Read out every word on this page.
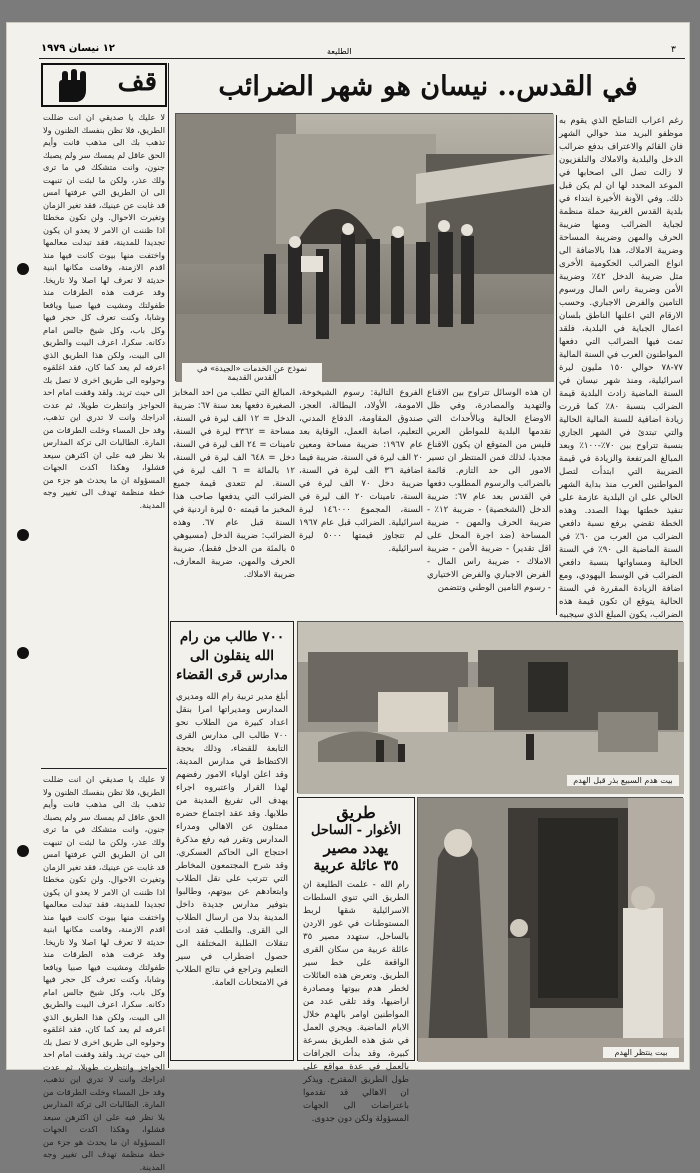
١٢ نيسان ١٩٧٩	الطليعة	٣
قف
لا عليك يا صديقي ان انت ضللت الطريق، فلا تظن بنفسك الظنون ولا تذهب بك الى مذهب فانت وأيم الحق عاقل لم يمسك سر ولم يصبك جنون، وانت متشكك في ما ترى ولك عذر، ولكن ما لبثت ان تنبهت الى ان الطريق التي عرفتها امس قد غابت عن عينيك، فقد تغير الزمان وتغيرت الاحوال. ولن تكون مخطئا اذا ظننت ان الامر لا يعدو ان يكون تجديدا للمدينة، فقد تبدلت معالمها واختفت منها بيوت كانت فيها منذ اقدم الازمنة، وقامت مكانها ابنية حديثة لا تعرف لها اصلا ولا تاريخا. وقد عرفت هذه الطرقات منذ طفولتك ومشيت فيها صبيا ويافعا وشابا، وكنت تعرف كل حجر فيها وكل باب، وكل شيخ جالس امام دكانه. سكرا، اعرف البيت والطريق الى البيت، ولكن هذا الطريق الذي اعرفه لم يعد كما كان، فقد اغلقوه وحولوه الى طريق اخرى لا تصل بك الى حيث تريد. ولقد وقفت امام احد الحواجز وانتظرت طويلا، ثم عدت ادراجك وانت لا تدري اين تذهب، وقد حل المساء وخلت الطرقات من المارة. الطالبات الى تركة المدارس بلا نظر فيه على ان اكثرهن سيعد فشلوا، وهكذا اكدت الجهات المسؤولة ان ما يحدث هو جزء من خطة منظمة تهدف الى تغيير وجه المدينة.
لا عليك يا صديقي ان انت ضللت الطريق، فلا تظن بنفسك الظنون ولا تذهب بك الى مذهب فانت وأيم الحق عاقل لم يمسك سر ولم يصبك جنون، وانت متشكك في ما ترى ولك عذر، ولكن ما لبثت ان تنبهت الى ان الطريق التي عرفتها امس قد غابت عن عينيك، فقد تغير الزمان وتغيرت الاحوال. ولن تكون مخطئا اذا ظننت ان الامر لا يعدو ان يكون تجديدا للمدينة، فقد تبدلت معالمها واختفت منها بيوت كانت فيها منذ اقدم الازمنة، وقامت مكانها ابنية حديثة لا تعرف لها اصلا ولا تاريخا. وقد عرفت هذه الطرقات منذ طفولتك ومشيت فيها صبيا ويافعا وشابا، وكنت تعرف كل حجر فيها وكل باب، وكل شيخ جالس امام دكانه. سكرا، اعرف البيت والطريق الى البيت، ولكن هذا الطريق الذي اعرفه لم يعد كما كان، فقد اغلقوه وحولوه الى طريق اخرى لا تصل بك الى حيث تريد. ولقد وقفت امام احد الحواجز وانتظرت طويلا، ثم عدت ادراجك وانت لا تدري اين تذهب، وقد حل المساء وخلت الطرقات من المارة. الطالبات الى تركة المدارس بلا نظر فيه على ان اكثرهن سيعد فشلوا، وهكذا اكدت الجهات المسؤولة ان ما يحدث هو جزء من خطة منظمة تهدف الى تغيير وجه المدينة.
في القدس.. نيسان هو شهر الضرائب
نموذج عن الخدمات «الجيدة» في القدس القديمة
رغم اعراب التناطح الذي يقوم به موظفو البريد منذ حوالي الشهر فان القائم والاعتراف بدفع ضرائب الدخل والبلدية والاملاك والتلفزيون لا زالت تصل الى اصحابها في الموعد المحدد لها ان لم يكن قبل ذلك. وفي الآونة الأخيرة ابتداء في بلدية القدس الغربية حملة منظمة لجباية الضرائب ومنها ضريبة الحرف والمهن وضريبة المساحة وضريبة الاملاك، هذا بالاضافة الى انواع الضرائب الحكومية الأخرى مثل ضريبة الدخل ٤٢٪ وضريبة الأمن وضريبة راس المال ورسوم التامين والفرض الاجباري. وحسب الارقام التي اعلنها الناطق بلسان اعمال الجباية في البلدية، فلقد تمت فيها الضرائب التي دفعها المواطنون العرب في السنة المالية ٧٧-٧٨ حوالي ١٥٠ مليون ليرة اسرائيلية، ومنذ شهر نيسان في السنة الماضية زادت البلدية قيمة الضرائب بنسبة ٨٠٪ كما قررت زيادة اضافية للسنة المالية الحالية والتي تبتدئ في الشهر الجاري بنسبة تتراوح بين ٧٠٪-١٠٠٪ وبعد المبالغ المرتفعة والزيادة في قيمة الضريبة التي ابتدأت لتصل المواطنين العرب منذ بداية الشهر الحالي على ان البلدية عازمة على تنفيذ خطتها بهذا الصدد. وهذه الخطة تقضي برفع نسبة دافعي الضرائب من العرب من ٦٠٪ في السنة الماضية الى ٩٠٪ في السنة الحالية ومساواتها بنسبة دافعي الضرائب في الوسط اليهودي، ومع اضافة الزيادة المقررة في السنة الحالية يتوقع ان تكون قيمة هذه الضرائب، يكون المبلغ الذي سيجبيه
ان هذه الوسائل تتراوح بين الاقناع والتهديد والمصادرة، وفي ظل الاوضاع الحالية وبالأحداث التي تقدمها البلدية للمواطن العربي فليس من المتوقع ان يكون الاقناع مجديا، لذلك فمن المنتظر ان تسير الامور الى حد التازم. قائمة بالضرائب والرسوم المطلوب دفعها في القدس بعد عام ٦٧: ضريبة الدخل (الشخصية) - ضريبة ١٢٪ - ضريبة الحرف والمهن - ضريبة المساحة (ضد اجرة المحل على اقل تقدير) - ضريبة الأمن - ضريبة الاملاك - ضريبة راس المال - الفرض الاجباري والفرض الاختياري - رسوم التامين الوطني وتتضمن
الفروع التالية: رسوم الشيخوخة، الامومة، الأولاد، البطالة، العجز، صندوق المقاومة، الدفاع المدني، التعليم، اصابة العمل، الوقاية بعد عام ١٩٦٧: ضريبة مساحة ومعين ٢٠ الف ليرة في السنة، ضريبة فيما اضافية ٣٦ الف ليرة في السنة، ضريبة دخل ٧٠ الف ليرة في السنة، تامينات ٢٠ الف ليرة في السنة، المجموع ١٤٦٠٠٠ ليرة اسرائيلية. الضرائب قبل عام ١٩٦٧ لم تتجاوز قيمتها ٥٠٠٠ ليرة اسرائيلية.
المبالغ التي تطلب من احد المخابز الصغيرة دفعها بعد سنة ٦٧: ضريبة الدخل = ١٢ الف ليرة في السنة، مساحة = ٣٣٦٢ ليرة في السنة، تامينات = ٢٤ الف ليرة في السنة، دخل = ٦٤٨ الف ليرة في السنة، ١٢ بالمائة = ٦ الف ليرة في السنة. لم تتعدى قيمة جميع الضرائب التي يدفعها صاحب هذا المخبز ما قيمته ٥٠ ليرة اردنية في السنة قبل عام ٦٧. وهذه الضرائب: ضريبة الدخل (مسيوهي ٥ بالمئة من الدخل فقط)، ضريبة الحرف والمهن، ضريبة المعارف، ضريبة الاملاك.
٧٠٠ طالب من رام الله ينقلون الى مدارس قرى القضاء
أبلغ مدير تربية رام الله ومديري المدارس ومديراتها امرا بنقل اعداد كبيرة من الطلاب نحو ٧٠٠ طالب الى مدارس القرى التابعة للقضاء، وذلك بحجة الاكتظاظ في مدارس المدينة. وقد اعلن اولياء الامور رفضهم لهذا القرار واعتبروه اجراء يهدف الى تفريغ المدينة من طلابها. وقد عقد اجتماع حضره ممثلون عن الاهالي ومدراء المدارس وتقرر فيه رفع مذكرة احتجاج الى الحاكم العسكري. وقد شرح المجتمعون المخاطر التي تترتب على نقل الطلاب وابتعادهم عن بيوتهم، وطالبوا بتوفير مدارس جديدة داخل المدينة بدلا من ارسال الطلاب الى القرى. والطلب فقد ادت تنقلات الطلبة المختلفة الى حصول اضطراب في سير التعليم وتراجع في نتائج الطلاب في الامتحانات العامة.
بيت هدم السبيع بذر قبل الهدم
طريق
الأغوار - الساحل
يهدد مصير
٣٥ عائلة عربية
رام الله - علمت الطليعة ان الطريق التي تنوي السلطات الاسرائيلية شقها لربط المستوطنات في غور الاردن بالساحل، ستهدد مصير ٣٥ عائلة عربية من سكان القرى الواقعة على خط سير الطريق. وتعرض هذه العائلات لخطر هدم بيوتها ومصادرة اراضيها، وقد تلقى عدد من المواطنين اوامر بالهدم خلال الايام الماضية. ويجري العمل في شق هذه الطريق بسرعة كبيرة، وقد بدأت الجرافات بالعمل في عدة مواقع على طول الطريق المقترح. ويذكر ان الاهالي قد تقدموا باعتراضات الى الجهات المسؤولة ولكن دون جدوى.
بيت ينتظر الهدم
